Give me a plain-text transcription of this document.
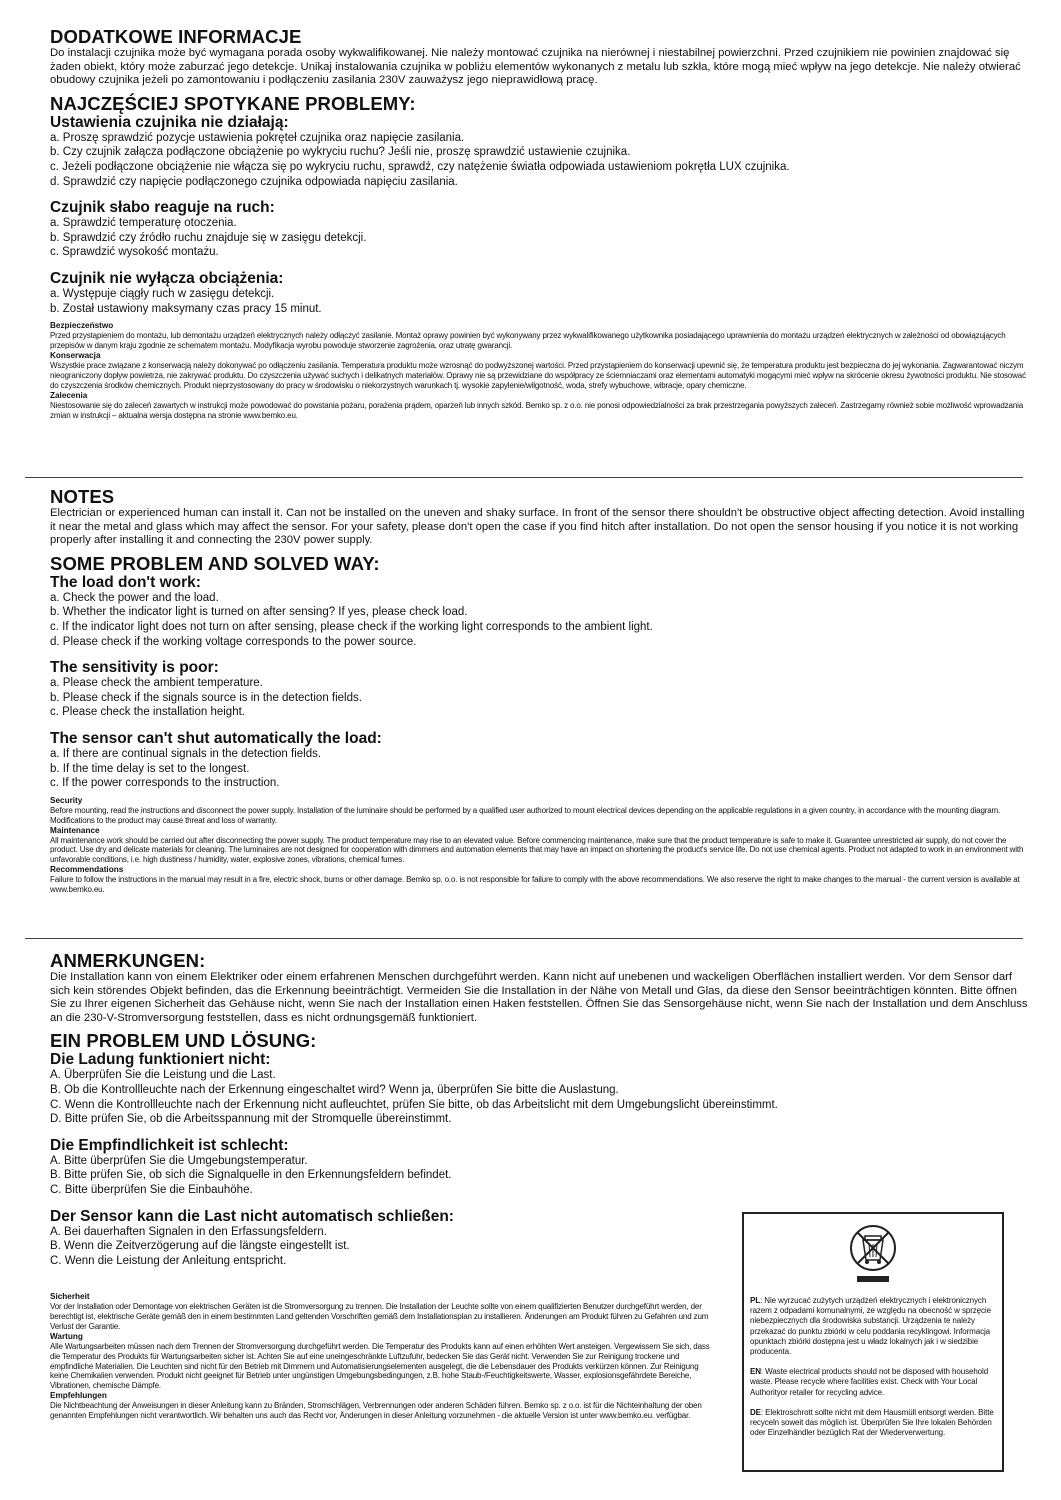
DODATKOWE INFORMACJE

Do instalacji czujnika może być wymagana porada osoby wykwalifikowanej. Nie należy montować czujnika na nierównej i niestabilnej powierzchni. Przed czujnikiem nie powinien znajdować się żaden obiekt, który może zaburzać jego detekcje. Unikaj instalowania czujnika w pobliżu elementów wykonanych z metalu lub szkła, które mogą mieć wpływ na jego detekcje. Nie należy otwierać obudowy czujnika jeżeli po zamontowaniu i podłączeniu zasilania 230V zauważysz jego nieprawidłową pracę.

NAJCZĘŚCIEJ SPOTYKANE PROBLEMY:
Ustawienia czujnika nie działają:

a. Proszę sprawdzić pozycje ustawienia pokręteł czujnika oraz napięcie zasilania.

b. Czy czujnik załącza podłączone obciążenie po wykryciu ruchu? Jeśli nie, proszę sprawdzić ustawienie czujnika.

c. Jeżeli podłączone obciążenie nie włącza się po wykryciu ruchu, sprawdź, czy natężenie światła odpowiada ustawieniom pokrętła LUX czujnika.

d. Sprawdzić czy napięcie podłączonego czujnika odpowiada napięciu zasilania.

Czujnik słabo reaguje na ruch:

a. Sprawdzić temperaturę otoczenia.

b. Sprawdzić czy źródło ruchu znajduje się w zasięgu detekcji.

c. Sprawdzić wysokość montażu.

Czujnik nie wyłącza obciążenia:

a. Występuje ciągły ruch w zasięgu detekcji.

b. Został ustawiony maksymany czas pracy 15 minut.

Bezpieczeństwo

Przed przystąpieniem do montażu, lub demontażu urządzeń elektrycznych należy odłączyć zasilanie. Montaż oprawy powinien być wykonywany przez wykwalifikowanego użytkownika posiadającego uprawnienia do montażu urządzeń elektrycznych w zależności od obowiązujących przepisów w danym kraju zgodnie ze schematem montażu. Modyfikacja wyrobu powoduje stworzenie zagrożenia, oraz utratę gwarancji.

Konserwacja

Wszystkie prace związane z konserwacją należy dokonywać po odłączeniu zasilania. Temperatura produktu może wzrosnąć do podwyższonej wartości. Przed przystąpieniem do konserwacji upewnić się, że temperatura produktu jest bezpieczna do jej wykonania. Zagwarantować niczym nieograniczony dopływ powietrza, nie zakrywać produktu. Do czyszczenia używać suchych i delikatnych materiałów. Oprawy nie są przewidziane do współpracy ze ściemniaczami oraz elementami automatyki mogącymi mieć wpływ na skrócenie okresu żywotności produktu. Nie stosować do czyszczenia środków chemicznych. Produkt nieprzystosowany do pracy w środowisku o niekorzystnych warunkach tj. wysokie zapylenie/wilgotność, woda, strefy wybuchowe, wibracje, opary chemiczne.

Zalecenia

Niestosowanie się do zaleceń zawartych w instrukcji może powodować do powstania pożaru, porażenia prądem, oparzeń lub innych szkód. Bemko sp. z o.o. nie ponosi odpowiedzialności za brak przestrzegania powyższych zaleceń. Zastrzegamy również sobie możliwość wprowadzania zmian w instrukcji – aktualna wersja dostępna na stronie www.bemko.eu.

NOTES

Electrician or experienced human can install it. Can not be installed on the uneven and shaky surface. In front of the sensor there shouldn't be obstructive object affecting detection. Avoid installing it near the metal and glass which may affect the sensor. For your safety, please don't open the case if you find hitch after installation. Do not open the sensor housing if you notice it is not working properly after installing it and connecting the 230V power supply.

SOME PROBLEM AND SOLVED WAY:
The load don't work:

a. Check the power and the load.

b. Whether the indicator light is turned on after sensing? If yes, please check load.

c. If the indicator light does not turn on after sensing, please check if the working light corresponds to the ambient light.

d. Please check if the working voltage corresponds to the power source.

The sensitivity is poor:

a. Please check the ambient temperature.

b. Please check if the signals source is in the detection fields.

c. Please check the installation height.

The sensor can't shut automatically the load:

a. If there are continual signals in the detection fields.

b. If the time delay is set to the longest.

c. If the power corresponds to the instruction.

Security

Before mounting, read the instructions and disconnect the power supply. Installation of the luminaire should be performed by a qualified user authorized to mount electrical devices depending on the applicable regulations in a given country, in accordance with the mounting diagram. Modifications to the product may cause threat and loss of warranty.

Maintenance

All maintenance work should be carried out after disconnecting the power supply. The product temperature may rise to an elevated value. Before commencing maintenance, make sure that the product temperature is safe to make it. Guarantee unrestricted air supply, do not cover the product. Use dry and delicate materials for cleaning. The luminaires are not designed for cooperation with dimmers and automation elements that may have an impact on shortening the product's service life. Do not use chemical agents. Product not adapted to work in an environment with unfavorable conditions, i.e. high dustiness / humidity, water, explosive zones, vibrations, chemical fumes.

Recommendations

Failure to follow the instructions in the manual may result in a fire, electric shock, burns or other damage. Bemko sp. o.o. is not responsible for failure to comply with the above recommendations. We also reserve the right to make changes to the manual - the current version is available at www.bemko.eu.

ANMERKUNGEN:

Die Installation kann von einem Elektriker oder einem erfahrenen Menschen durchgeführt werden. Kann nicht auf unebenen und wackeligen Oberflächen installiert werden. Vor dem Sensor darf sich kein störendes Objekt befinden, das die Erkennung beeinträchtigt. Vermeiden Sie die Installation in der Nähe von Metall und Glas, da diese den Sensor beeinträchtigen könnten. Bitte öffnen Sie zu Ihrer eigenen Sicherheit das Gehäuse nicht, wenn Sie nach der Installation einen Haken feststellen. Öffnen Sie das Sensorgehäuse nicht, wenn Sie nach der Installation und dem Anschluss an die 230-V-Stromversorgung feststellen, dass es nicht ordnungsgemäß funktioniert.

EIN PROBLEM UND LÖSUNG:
Die Ladung funktioniert nicht:

A. Überprüfen Sie die Leistung und die Last.

B. Ob die Kontrollleuchte nach der Erkennung eingeschaltet wird? Wenn ja, überprüfen Sie bitte die Auslastung.

C. Wenn die Kontrollleuchte nach der Erkennung nicht aufleuchtet, prüfen Sie bitte, ob das Arbeitslicht mit dem Umgebungslicht übereinstimmt.

D. Bitte prüfen Sie, ob die Arbeitsspannung mit der Stromquelle übereinstimmt.

Die Empfindlichkeit ist schlecht:

A. Bitte überprüfen Sie die Umgebungstemperatur.

B. Bitte prüfen Sie, ob sich die Signalquelle in den Erkennungsfeldern befindet.

C. Bitte überprüfen Sie die Einbauhöhe.

Der Sensor kann die Last nicht automatisch schließen:

A. Bei dauerhaften Signalen in den Erfassungsfeldern.

B. Wenn die Zeitverzögerung auf die längste eingestellt ist.

C. Wenn die Leistung der Anleitung entspricht.

Sicherheit

Vor der Installation oder Demontage von elektrischen Geräten ist die Stromversorgung zu trennen. Die Installation der Leuchte sollte von einem qualifizierten Benutzer durchgeführt werden, der berechtigt ist, elektrische Geräte gemäß den in einem bestimmten Land geltenden Vorschriften gemäß dem Installationsplan zu installieren. Änderungen am Produkt führen zu Gefahren und zum Verlust der Garantie.

Wartung

Alle Wartungsarbeiten müssen nach dem Trennen der Stromversorgung durchgeführt werden. Die Temperatur des Produkts kann auf einen erhöhten Wert ansteigen. Vergewissern Sie sich, dass die Temperatur des Produkts für Wartungsarbeiten sicher ist. Achten Sie auf eine uneingeschränkte Luftzufuhr, bedecken Sie das Gerät nicht. Verwenden Sie zur Reinigung trockene und empfindliche Materialien. Die Leuchten sind nicht für den Betrieb mit Dimmern und Automatisierungselementen ausgelegt, die die Lebensdauer des Produkts verkürzen können. Zur Reinigung keine Chemikalien verwenden. Produkt nicht geeignet für Betrieb unter ungünstigen Umgebungsbedingungen, z.B. hohe Staub-/Feuchtigkeitswerte, Wasser, explosionsgefährdete Bereiche, Vibrationen, chemische Dämpfe.

Empfehlungen

Die Nichtbeachtung der Anweisungen in dieser Anleitung kann zu Bränden, Stromschlägen, Verbrennungen oder anderen Schäden führen. Bemko sp. z o.o. ist für die Nichteinhaltung der oben genannten Empfehlungen nicht verantwortlich. Wir behalten uns auch das Recht vor, Änderungen in dieser Anleitung vorzunehmen - die aktuelle Version ist unter www.bemko.eu. verfügbar.

PL: Nie wyrzucać zużytych urządzeń elektrycznych i elektronicznych razem z odpadami komunalnymi, ze względu na obecność w sprzęcie niebezpiecznych dla środowiska substancji. Urządzenia te należy przekazać do punktu zbiórki w celu poddania recyklingowi. Informacja opunktach zbiórki dostępna jest u władz lokalnych jak i w siedzibie producenta.

EN: Waste electrical products should not be disposed with household waste. Please recycle where facilities exist. Check with Your Local Authorityor retailer for recycling advice.

DE: Elektroschrott sollte nicht mit dem Hausmüll entsorgt werden. Bitte recyceln soweit das möglich ist. Überprüfen Sie Ihre lokalen Behörden oder Einzelhändler bezüglich Rat der Wiederverwertung.
